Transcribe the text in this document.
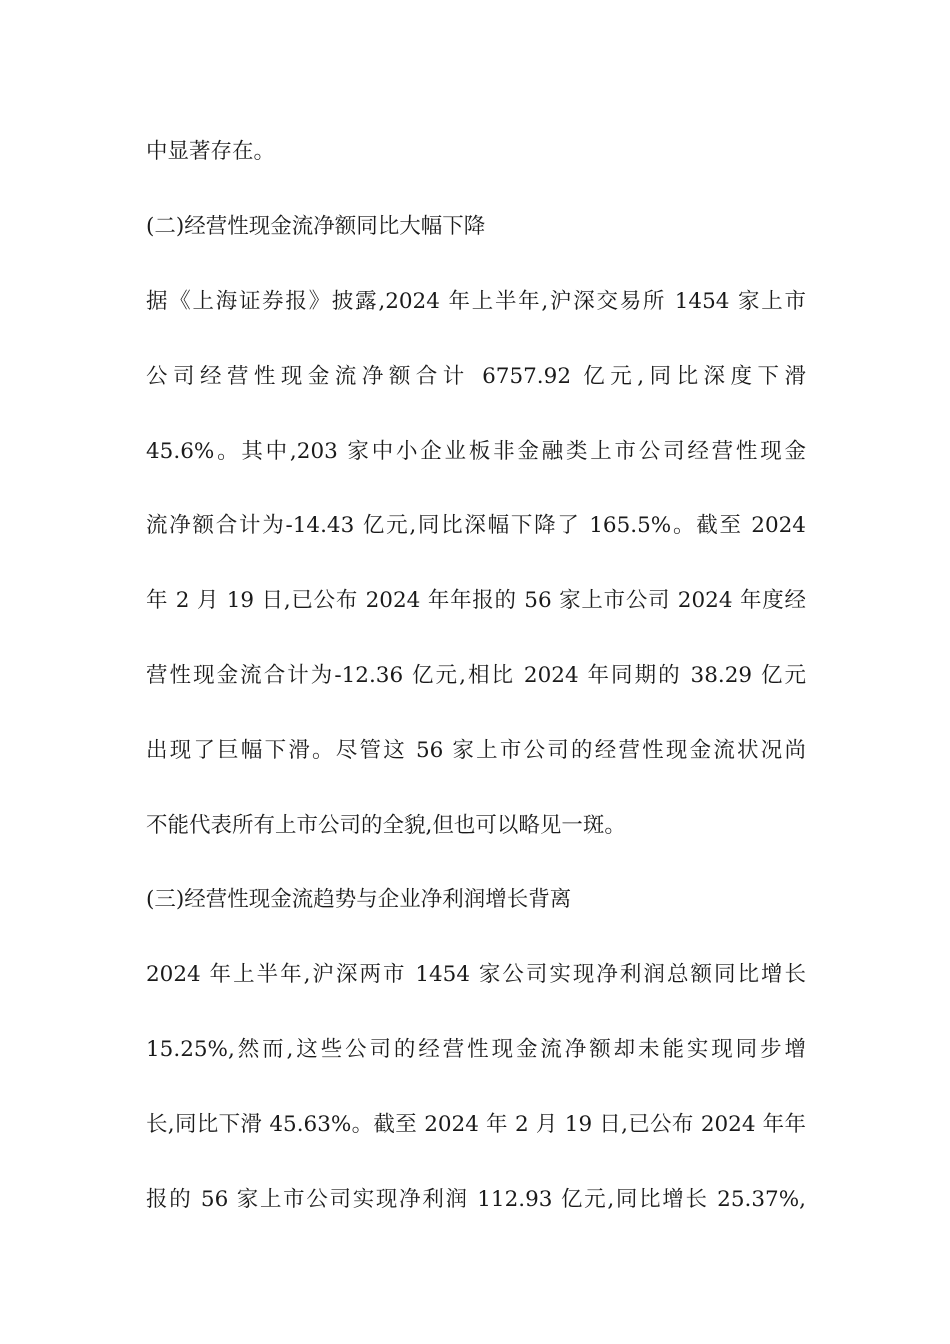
中显著存在。
(二)经营性现金流净额同比大幅下降
据《上海证券报》披露,2024 年上半年,沪深交易所 1454 家上市
公司经营性现金流净额合计 6757.92 亿元,同比深度下滑
45.6%。其中,203 家中小企业板非金融类上市公司经营性现金
流净额合计为-14.43 亿元,同比深幅下降了 165.5%。截至 2024
年 2 月 19 日,已公布 2024 年年报的 56 家上市公司 2024 年度经
营性现金流合计为-12.36 亿元,相比 2024 年同期的 38.29 亿元
出现了巨幅下滑。尽管这 56 家上市公司的经营性现金流状况尚
不能代表所有上市公司的全貌,但也可以略见一斑。
(三)经营性现金流趋势与企业净利润增长背离
2024 年上半年,沪深两市 1454 家公司实现净利润总额同比增长
15.25%,然而,这些公司的经营性现金流净额却未能实现同步增
长,同比下滑 45.63%。截至 2024 年 2 月 19 日,已公布 2024 年年
报的 56 家上市公司实现净利润 112.93 亿元,同比增长 25.37%,
